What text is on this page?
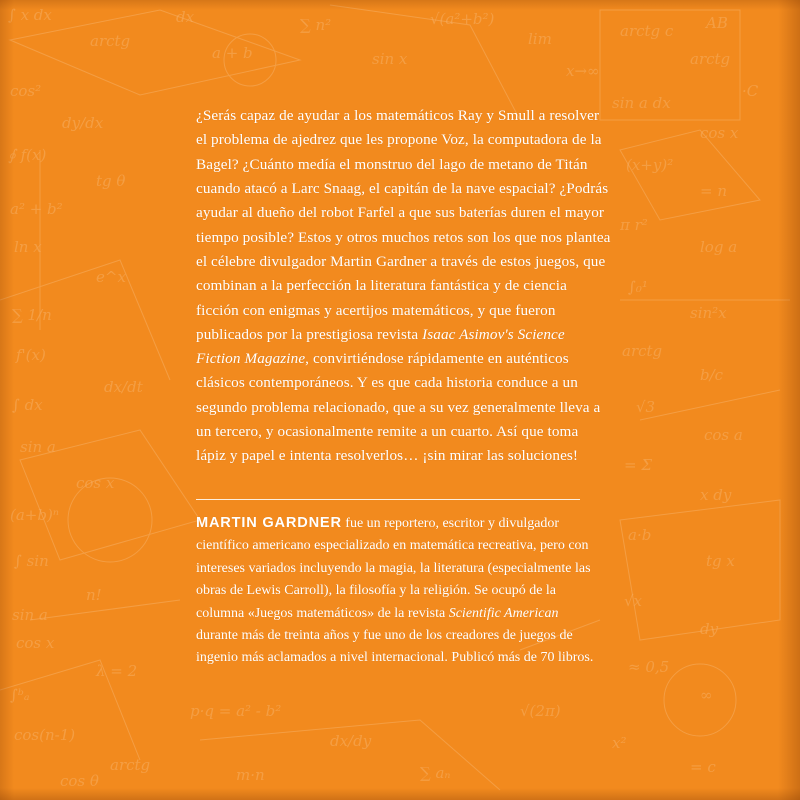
∫ x dx
arctg
dx
a + b
∑ n²
sin x
√(a²+b²)
lim
x→∞
arctg c AB
arctg
·C
sin a dx
cos x
cos²
dy/dx
∮ f(x)
tg θ
(x+y)²
= n
π r²
log a
a² + b²
ln x
e^x
∫₀¹
sin²x
∑ 1/n
f'(x)
dx/dt
arctg
b/c
√3
cos a
∫ dx
sin a
cos x
= Σ
x dy
a·b
tg x
(a+b)ⁿ
∫ sin
n!	√x
dy
sin a
cos x
λ = 2	≈ 0,5
∞
∫ᵇₐ
cos(n-1)
arctg
p·q = a² - b²
dx/dy
∑ aₙ
√(2π)
x²
= c
m·n
cos θ

¿Serás capaz de ayudar a los matemáticos Ray y Smull a resolver el problema de ajedrez que les propone Voz, la computadora de la Bagel? ¿Cuánto medía el monstruo del lago de metano de Titán cuando atacó a Larc Snaag, el capitán de la nave espacial? ¿Podrás ayudar al dueño del robot Farfel a que sus baterías duren el mayor tiempo posible? Estos y otros muchos retos son los que nos plantea el célebre divulgador Martin Gardner a través de estos juegos, que combinan a la perfección la literatura fantástica y de ciencia ficción con enigmas y acertijos matemáticos, y que fueron publicados por la prestigiosa revista Isaac Asimov's Science Fiction Magazine, convirtiéndose rápidamente en auténticos clásicos contemporáneos. Y es que cada historia conduce a un segundo problema relacionado, que a su vez generalmente lleva a un tercero, y ocasionalmente remite a un cuarto. Así que toma lápiz y papel e intenta resolverlos… ¡sin mirar las soluciones!

MARTIN GARDNER fue un reportero, escritor y divulgador científico americano especializado en matemática recreativa, pero con intereses variados incluyendo la magia, la literatura (especialmente las obras de Lewis Carroll), la filosofía y la religión. Se ocupó de la columna «Juegos matemáticos» de la revista Scientific American durante más de treinta años y fue uno de los creadores de juegos de ingenio más aclamados a nivel internacional. Publicó más de 70 libros.
